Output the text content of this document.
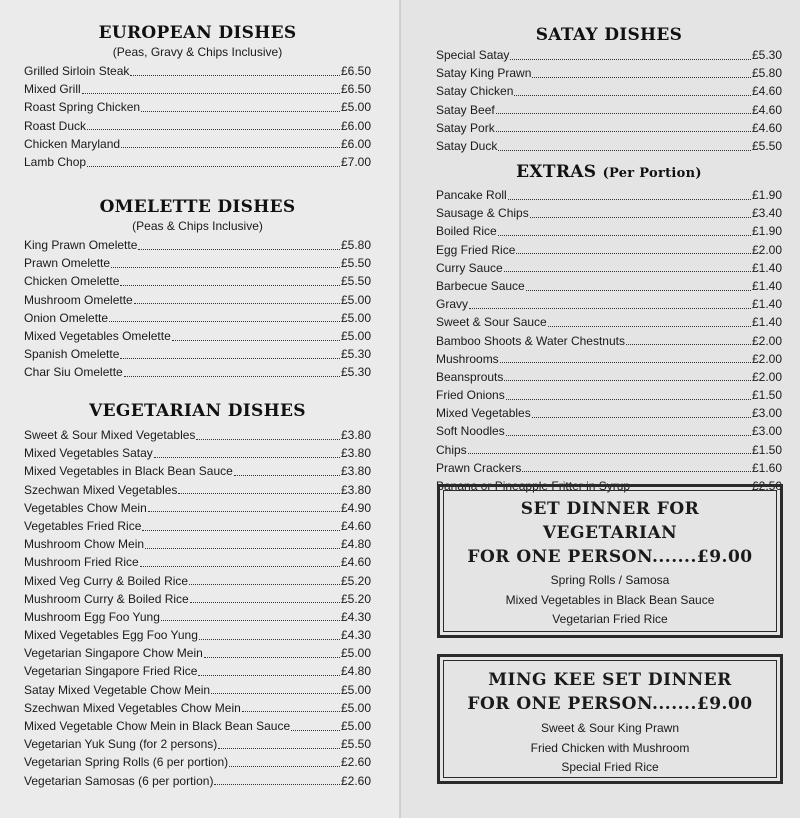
EUROPEAN DISHES

(Peas, Gravy & Chips Inclusive)

Grilled Sirloin Steak	£6.50
Mixed Grill	£6.50
Roast Spring Chicken	£5.00
Roast Duck	£6.00
Chicken Maryland	£6.00
Lamb Chop	£7.00
OMELETTE DISHES

(Peas & Chips Inclusive)

King Prawn Omelette	£5.80
Prawn Omelette	£5.50
Chicken Omelette	£5.50
Mushroom Omelette	£5.00
Onion Omelette	£5.00
Mixed Vegetables Omelette	£5.00
Spanish Omelette	£5.30
Char Siu Omelette	£5.30
VEGETARIAN DISHES
Sweet & Sour Mixed Vegetables	£3.80
Mixed Vegetables Satay	£3.80
Mixed Vegetables in Black Bean Sauce	£3.80
Szechwan Mixed Vegetables	£3.80
Vegetables Chow Mein	£4.90
Vegetables Fried Rice	£4.60
Mushroom Chow Mein	£4.80
Mushroom Fried Rice	£4.60
Mixed Veg Curry & Boiled Rice	£5.20
Mushroom Curry & Boiled Rice	£5.20
Mushroom Egg Foo Yung	£4.30
Mixed Vegetables Egg Foo Yung	£4.30
Vegetarian Singapore Chow Mein	£5.00
Vegetarian Singapore Fried Rice	£4.80
Satay Mixed Vegetable Chow Mein	£5.00
Szechwan Mixed Vegetables Chow Mein	£5.00
Mixed Vegetable Chow Mein in Black Bean Sauce	£5.00
Vegetarian Yuk Sung (for 2 persons)	£5.50
Vegetarian Spring Rolls (6 per portion)	£2.60
Vegetarian Samosas (6 per portion)	£2.60
SATAY DISHES
Special Satay	£5.30
Satay King Prawn	£5.80
Satay Chicken	£4.60
Satay Beef	£4.60
Satay Pork	£4.60
Satay Duck	£5.50
EXTRAS (Per Portion)
Pancake Roll	£1.90
Sausage & Chips	£3.40
Boiled Rice	£1.90
Egg Fried Rice	£2.00
Curry Sauce	£1.40
Barbecue Sauce	£1.40
Gravy	£1.40
Sweet & Sour Sauce	£1.40
Bamboo Shoots & Water Chestnuts	£2.00
Mushrooms	£2.00
Beansprouts	£2.00
Fried Onions	£1.50
Mixed Vegetables	£3.00
Soft Noodles	£3.00
Chips	£1.50
Prawn Crackers	£1.60
Banana or Pineapple Fritter in Syrup	£2.50

SET DINNER FOR

VEGETARIAN

FOR ONE PERSON.......£9.00

Spring Rolls / Samosa

Mixed Vegetables in Black Bean Sauce

Vegetarian Fried Rice

MING KEE SET DINNER

FOR ONE PERSON.......£9.00

Sweet & Sour King Prawn

Fried Chicken with Mushroom

Special Fried Rice
